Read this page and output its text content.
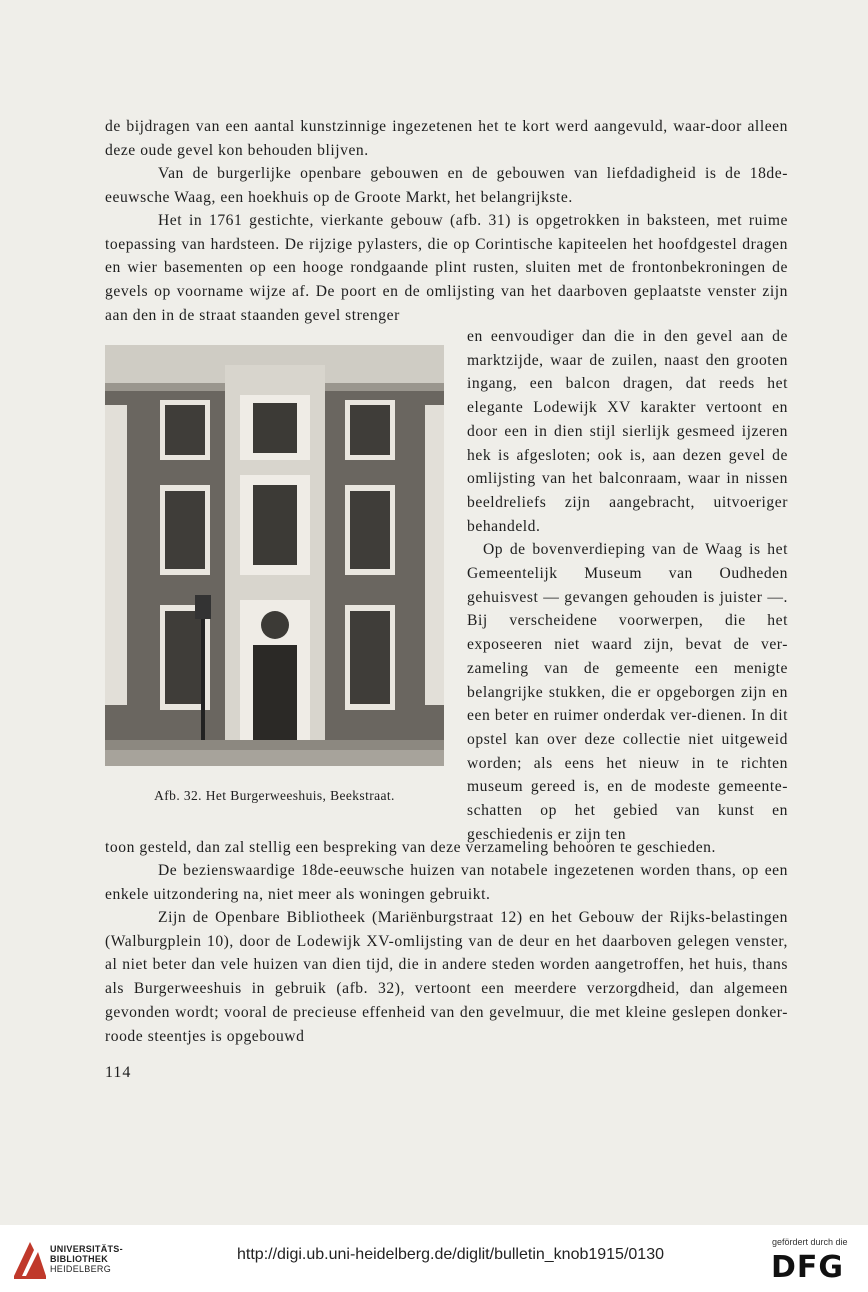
de bijdragen van een aantal kunstzinnige ingezetenen het te kort werd aangevuld, waar-door alleen deze oude gevel kon behouden blijven.

Van de burgerlijke openbare gebouwen en de gebouwen van liefdadigheid is de 18de-eeuwsche Waag, een hoekhuis op de Groote Markt, het belangrijkste.

Het in 1761 gestichte, vierkante gebouw (afb. 31) is opgetrokken in baksteen, met ruime toepassing van hardsteen. De rijzige pylasters, die op Corintische kapiteelen het hoofdgestel dragen en wier basementen op een hooge rondgaande plint rusten, sluiten met de frontonbekroningen de gevels op voorname wijze af. De poort en de omlijsting van het daarboven geplaatste venster zijn aan den in de straat staanden gevel strenger

Afb. 32. Het Burgerweeshuis, Beekstraat.

en eenvoudiger dan die in den gevel aan de marktzijde, waar de zuilen, naast den grooten ingang, een balcon dragen, dat reeds het elegante Lodewijk XV karakter vertoont en door een in dien stijl sierlijk gesmeed ijzeren hek is afgesloten; ook is, aan dezen gevel de omlijsting van het balconraam, waar in nissen beeldreliefs zijn aangebracht, uitvoeriger behandeld.

Op de bovenverdieping van de Waag is het Gemeentelijk Museum van Oudheden gehuisvest — gevangen gehouden is juister —. Bij verscheidene voorwerpen, die het exposeeren niet waard zijn, bevat de ver-zameling van de gemeente een menigte belangrijke stukken, die er opgeborgen zijn en een beter en ruimer onderdak ver-dienen. In dit opstel kan over deze collectie niet uitgeweid worden; als eens het nieuw in te richten museum gereed is, en de modeste gemeente-schatten op het gebied van kunst en geschiedenis er zijn ten

toon gesteld, dan zal stellig een bespreking van deze verzameling behooren te geschieden.

De bezienswaardige 18de-eeuwsche huizen van notabele ingezetenen worden thans, op een enkele uitzondering na, niet meer als woningen gebruikt.

Zijn de Openbare Bibliotheek (Mariënburgstraat 12) en het Gebouw der Rijks-belastingen (Walburgplein 10), door de Lodewijk XV-omlijsting van de deur en het daarboven gelegen venster, al niet beter dan vele huizen van dien tijd, die in andere steden worden aangetroffen, het huis, thans als Burgerweeshuis in gebruik (afb. 32), vertoont een meerdere verzorgdheid, dan algemeen gevonden wordt; vooral de precieuse effenheid van den gevelmuur, die met kleine geslepen donker-roode steentjes is opgebouwd

114
UNIVERSITÄTS-
BIBLIOTHEK
HEIDELBERG
http://digi.ub.uni-heidelberg.de/diglit/bulletin_knob1915/0130
gefördert durch die
DFG
